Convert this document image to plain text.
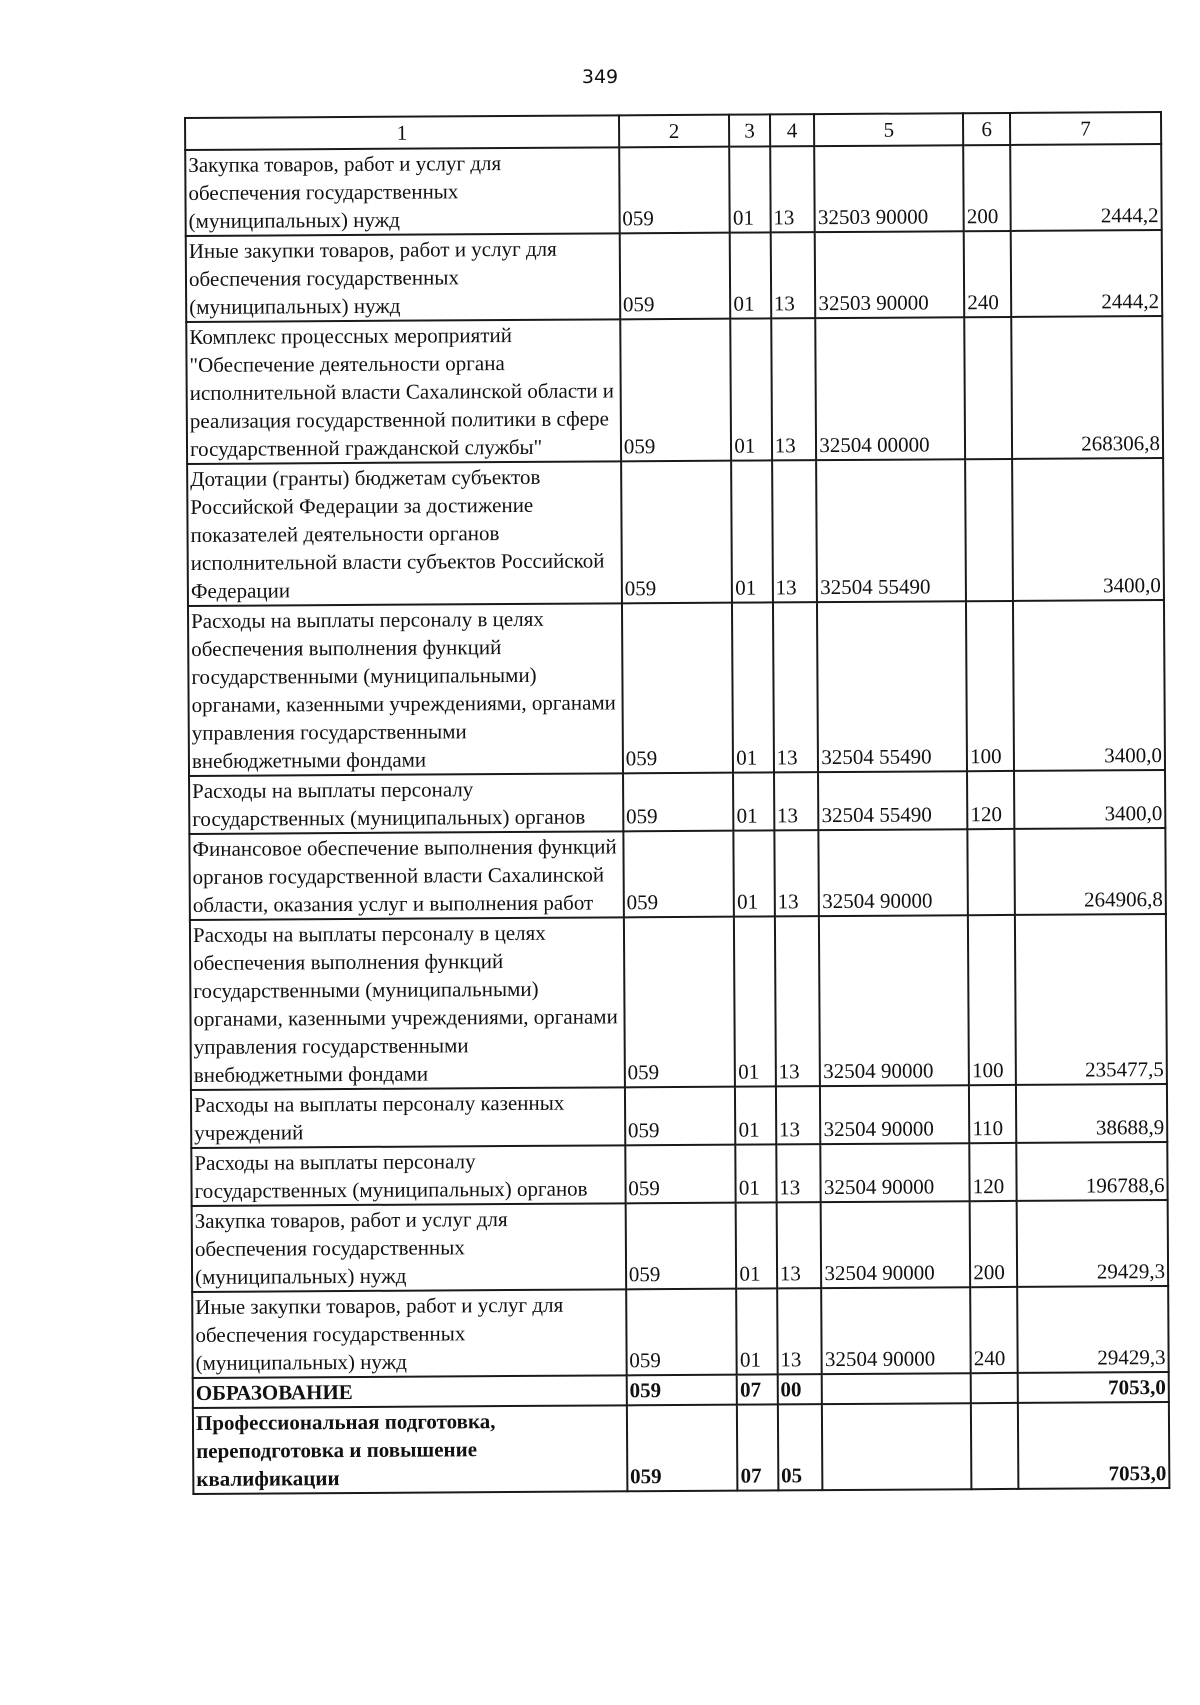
349
1	2	3	4	5	6	7
Закупка товаров, работ и услуг для обеспечения государственных (муниципальных) нужд	059	01	13	32503 90000	200	2444,2
Иные закупки товаров, работ и услуг для обеспечения государственных (муниципальных) нужд	059	01	13	32503 90000	240	2444,2
Комплекс процессных мероприятий "Обеспечение деятельности органа исполнительной власти Сахалинской области и реализация государственной политики в сфере государственной гражданской службы"	059	01	13	32504 00000		268306,8
Дотации (гранты) бюджетам субъектов Российской Федерации за достижение показателей деятельности органов исполнительной власти субъектов Российской Федерации	059	01	13	32504 55490		3400,0
Расходы на выплаты персоналу в целях обеспечения выполнения функций государственными (муниципальными) органами, казенными учреждениями, органами управления государственными внебюджетными фондами	059	01	13	32504 55490	100	3400,0
Расходы на выплаты персоналу государственных (муниципальных) органов	059	01	13	32504 55490	120	3400,0
Финансовое обеспечение выполнения функций органов государственной власти Сахалинской области, оказания услуг и выполнения работ	059	01	13	32504 90000		264906,8
Расходы на выплаты персоналу в целях обеспечения выполнения функций государственными (муниципальными) органами, казенными учреждениями, органами управления государственными внебюджетными фондами	059	01	13	32504 90000	100	235477,5
Расходы на выплаты персоналу казенных учреждений	059	01	13	32504 90000	110	38688,9
Расходы на выплаты персоналу государственных (муниципальных) органов	059	01	13	32504 90000	120	196788,6
Закупка товаров, работ и услуг для обеспечения государственных (муниципальных) нужд	059	01	13	32504 90000	200	29429,3
Иные закупки товаров, работ и услуг для обеспечения государственных (муниципальных) нужд	059	01	13	32504 90000	240	29429,3
ОБРАЗОВАНИЕ	059	07	00			7053,0
Профессиональная подготовка, переподготовка и повышение квалификации	059	07	05			7053,0
